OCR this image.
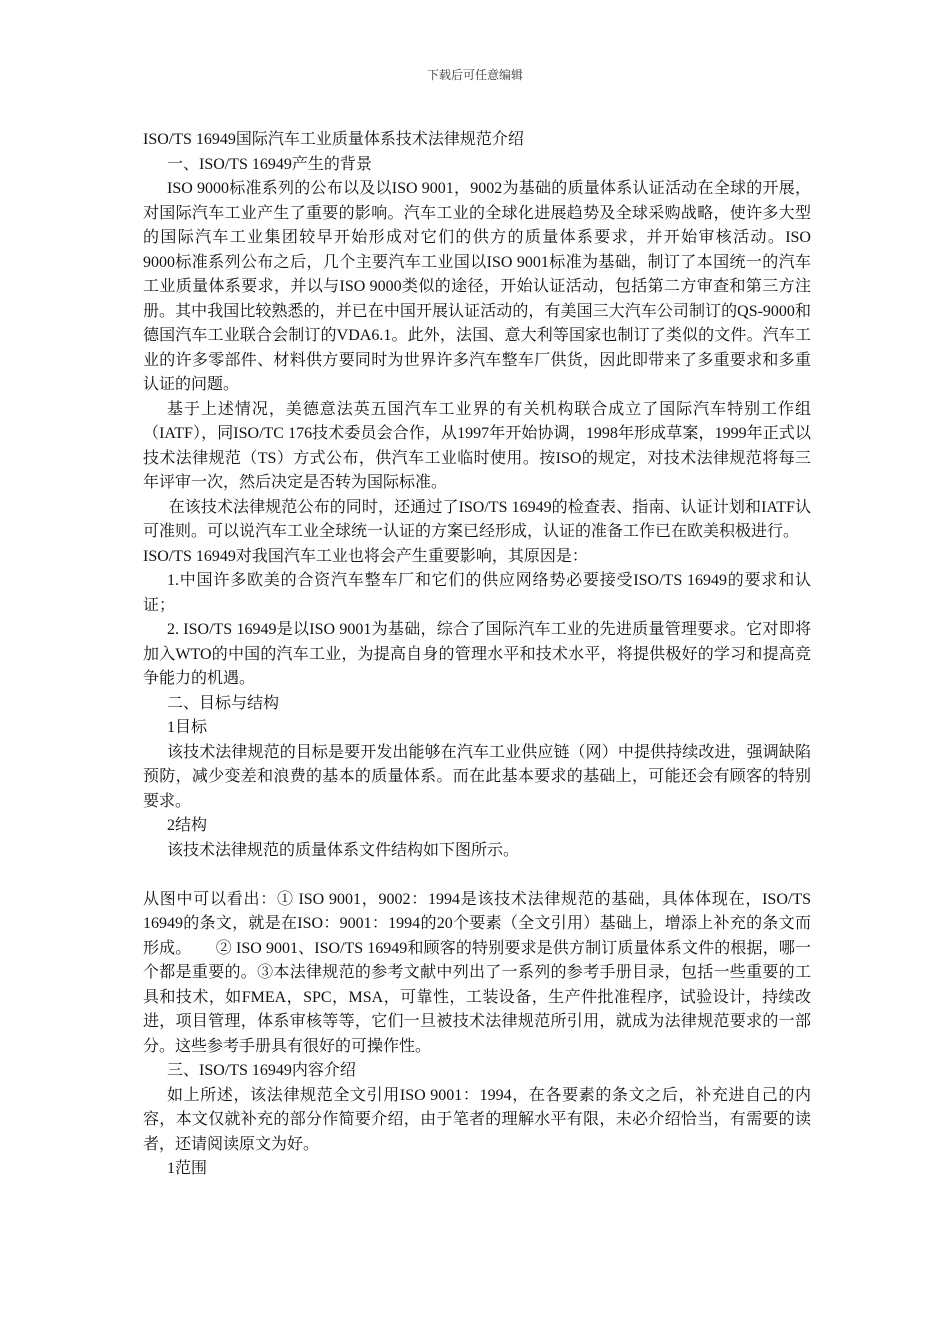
下载后可任意编辑

ISO/TS 16949国际汽车工业质量体系技术法律规范介绍

一、ISO/TS 16949产生的背景

ISO 9000标准系列的公布以及以ISO 9001，9002为基础的质量体系认证活动在全球的开展，对国际汽车工业产生了重要的影响。汽车工业的全球化进展趋势及全球采购战略，使许多大型的国际汽车工业集团较早开始形成对它们的供方的质量体系要求，并开始审核活动。ISO　　9000标准系列公布之后，几个主要汽车工业国以ISO 9001标准为基础，制订了本国统一的汽车工业质量体系要求，并以与ISO 9000类似的途径，开始认证活动，包括第二方审查和第三方注册。其中我国比较熟悉的，并已在中国开展认证活动的，有美国三大汽车公司制订的QS-9000和德国汽车工业联合会制订的VDA6.1。此外，法国、意大利等国家也制订了类似的文件。汽车工业的许多零部件、材料供方要同时为世界许多汽车整车厂供货，因此即带来了多重要求和多重认证的问题。

基于上述情况，美德意法英五国汽车工业界的有关机构联合成立了国际汽车特别工作组（IATF），同ISO/TC 176技术委员会合作，从1997年开始协调，1998年形成草案，1999年正式以技术法律规范（TS）方式公布，供汽车工业临时使用。按ISO的规定，对技术法律规范将每三年评审一次，然后决定是否转为国际标准。

在该技术法律规范公布的同时，还通过了ISO/TS 16949的检查表、指南、认证计划和IATF认可准则。可以说汽车工业全球统一认证的方案已经形成，认证的准备工作已在欧美积极进行。

ISO/TS 16949对我国汽车工业也将会产生重要影响，其原因是：

1.中国许多欧美的合资汽车整车厂和它们的供应网络势必要接受ISO/TS 16949的要求和认证；

2. ISO/TS 16949是以ISO 9001为基础，综合了国际汽车工业的先进质量管理要求。它对即将加入WTO的中国的汽车工业，为提高自身的管理水平和技术水平，将提供极好的学习和提高竞争能力的机遇。

二、目标与结构

1目标

该技术法律规范的目标是要开发出能够在汽车工业供应链（网）中提供持续改进，强调缺陷预防，减少变差和浪费的基本的质量体系。而在此基本要求的基础上，可能还会有顾客的特别要求。

2结构

该技术法律规范的质量体系文件结构如下图所示。

从图中可以看出：① ISO 9001，9002：1994是该技术法律规范的基础，具体体现在，ISO/TS 16949的条文，就是在ISO：9001：1994的20个要素（全文引用）基础上，增添上补充的条文而形成。　　② ISO 9001、ISO/TS 16949和顾客的特别要求是供方制订质量体系文件的根据，哪一个都是重要的。③本法律规范的参考文献中列出了一系列的参考手册目录，包括一些重要的工具和技术，如FMEA，SPC，MSA，可靠性，工装设备，生产件批准程序，试验设计，持续改进，项目管理，体系审核等等，它们一旦被技术法律规范所引用，就成为法律规范要求的一部分。这些参考手册具有很好的可操作性。

三、ISO/TS 16949内容介绍

如上所述，该法律规范全文引用ISO 9001：1994，在各要素的条文之后，补充进自己的内容，本文仅就补充的部分作简要介绍，由于笔者的理解水平有限，未必介绍恰当，有需要的读者，还请阅读原文为好。

1范围
